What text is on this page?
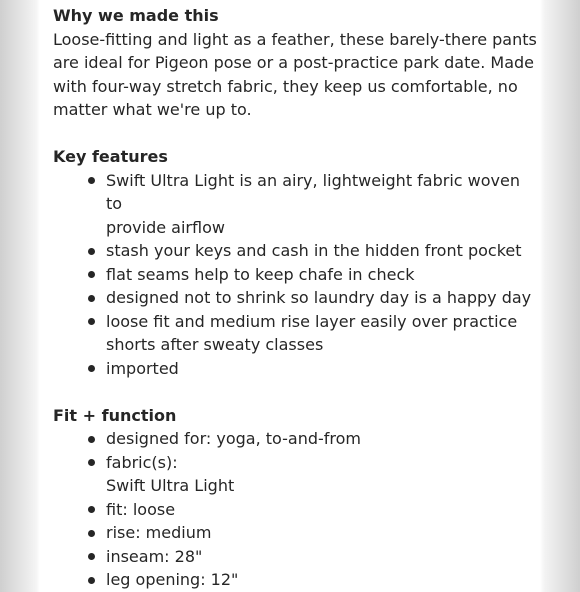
Why we made this
Loose-fitting and light as a feather, these barely-there pants
are ideal for Pigeon pose or a post-practice park date. Made
with four-way stretch fabric, they keep us comfortable, no
matter what we're up to.
Key features
Swift Ultra Light is an airy, lightweight fabric woven to
provide airflow
stash your keys and cash in the hidden front pocket
flat seams help to keep chafe in check
designed not to shrink so laundry day is a happy day
loose fit and medium rise layer easily over practice
shorts after sweaty classes
imported
Fit + function
designed for: yoga, to-and-from
fabric(s):
Swift Ultra Light
fit: loose
rise: medium
inseam: 28"
leg opening: 12"
